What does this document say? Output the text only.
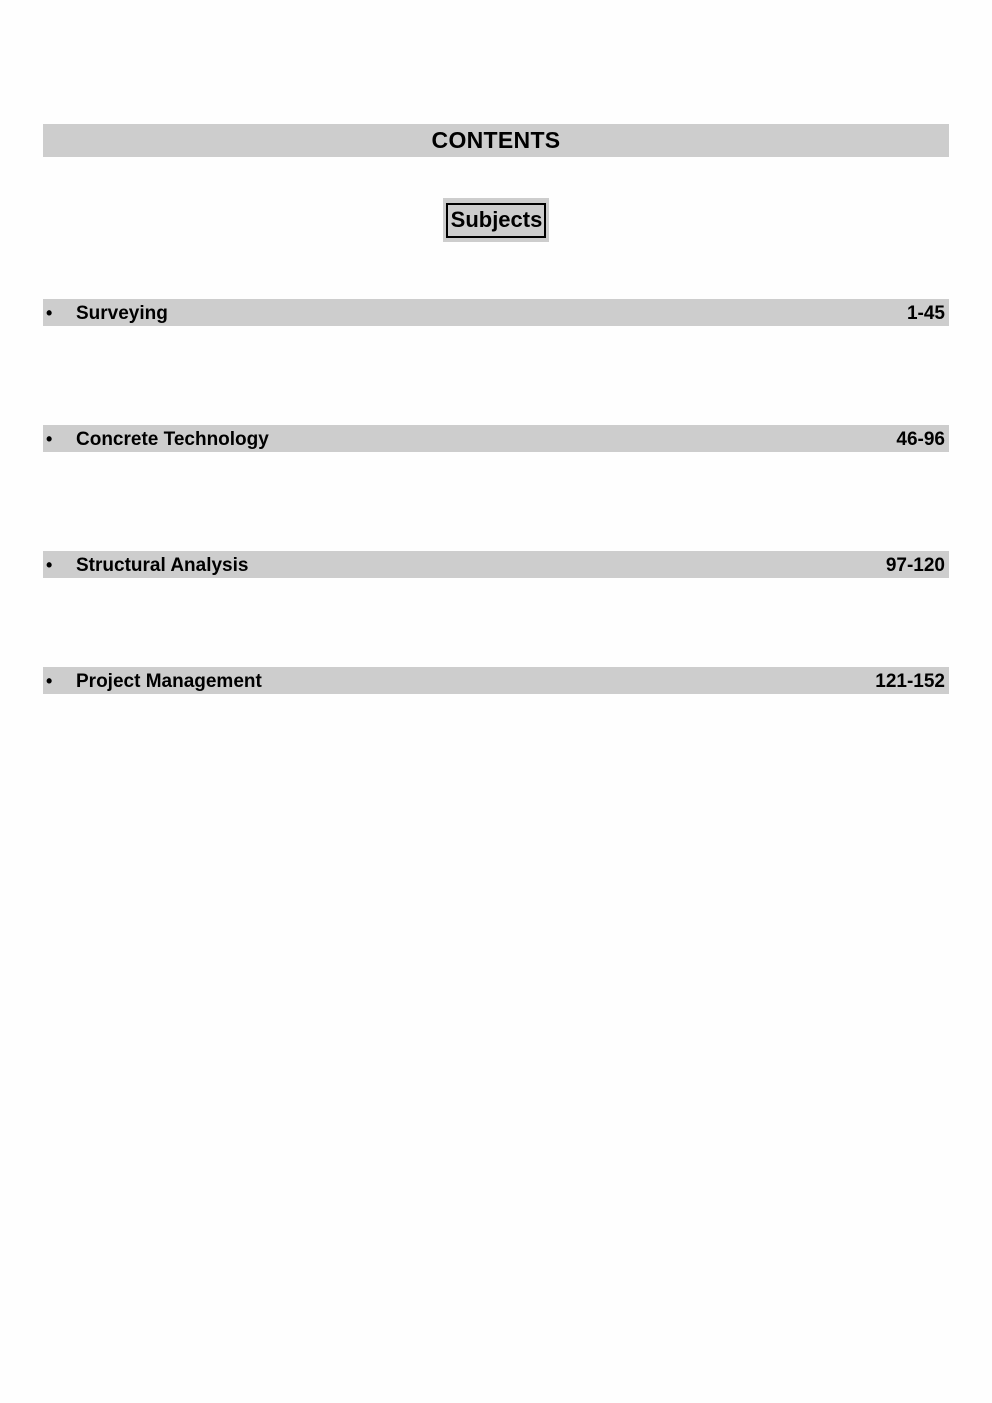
CONTENTS
Subjects
• Surveying	1-45
• Concrete Technology	46-96
• Structural Analysis	97-120
• Project Management	121-152
